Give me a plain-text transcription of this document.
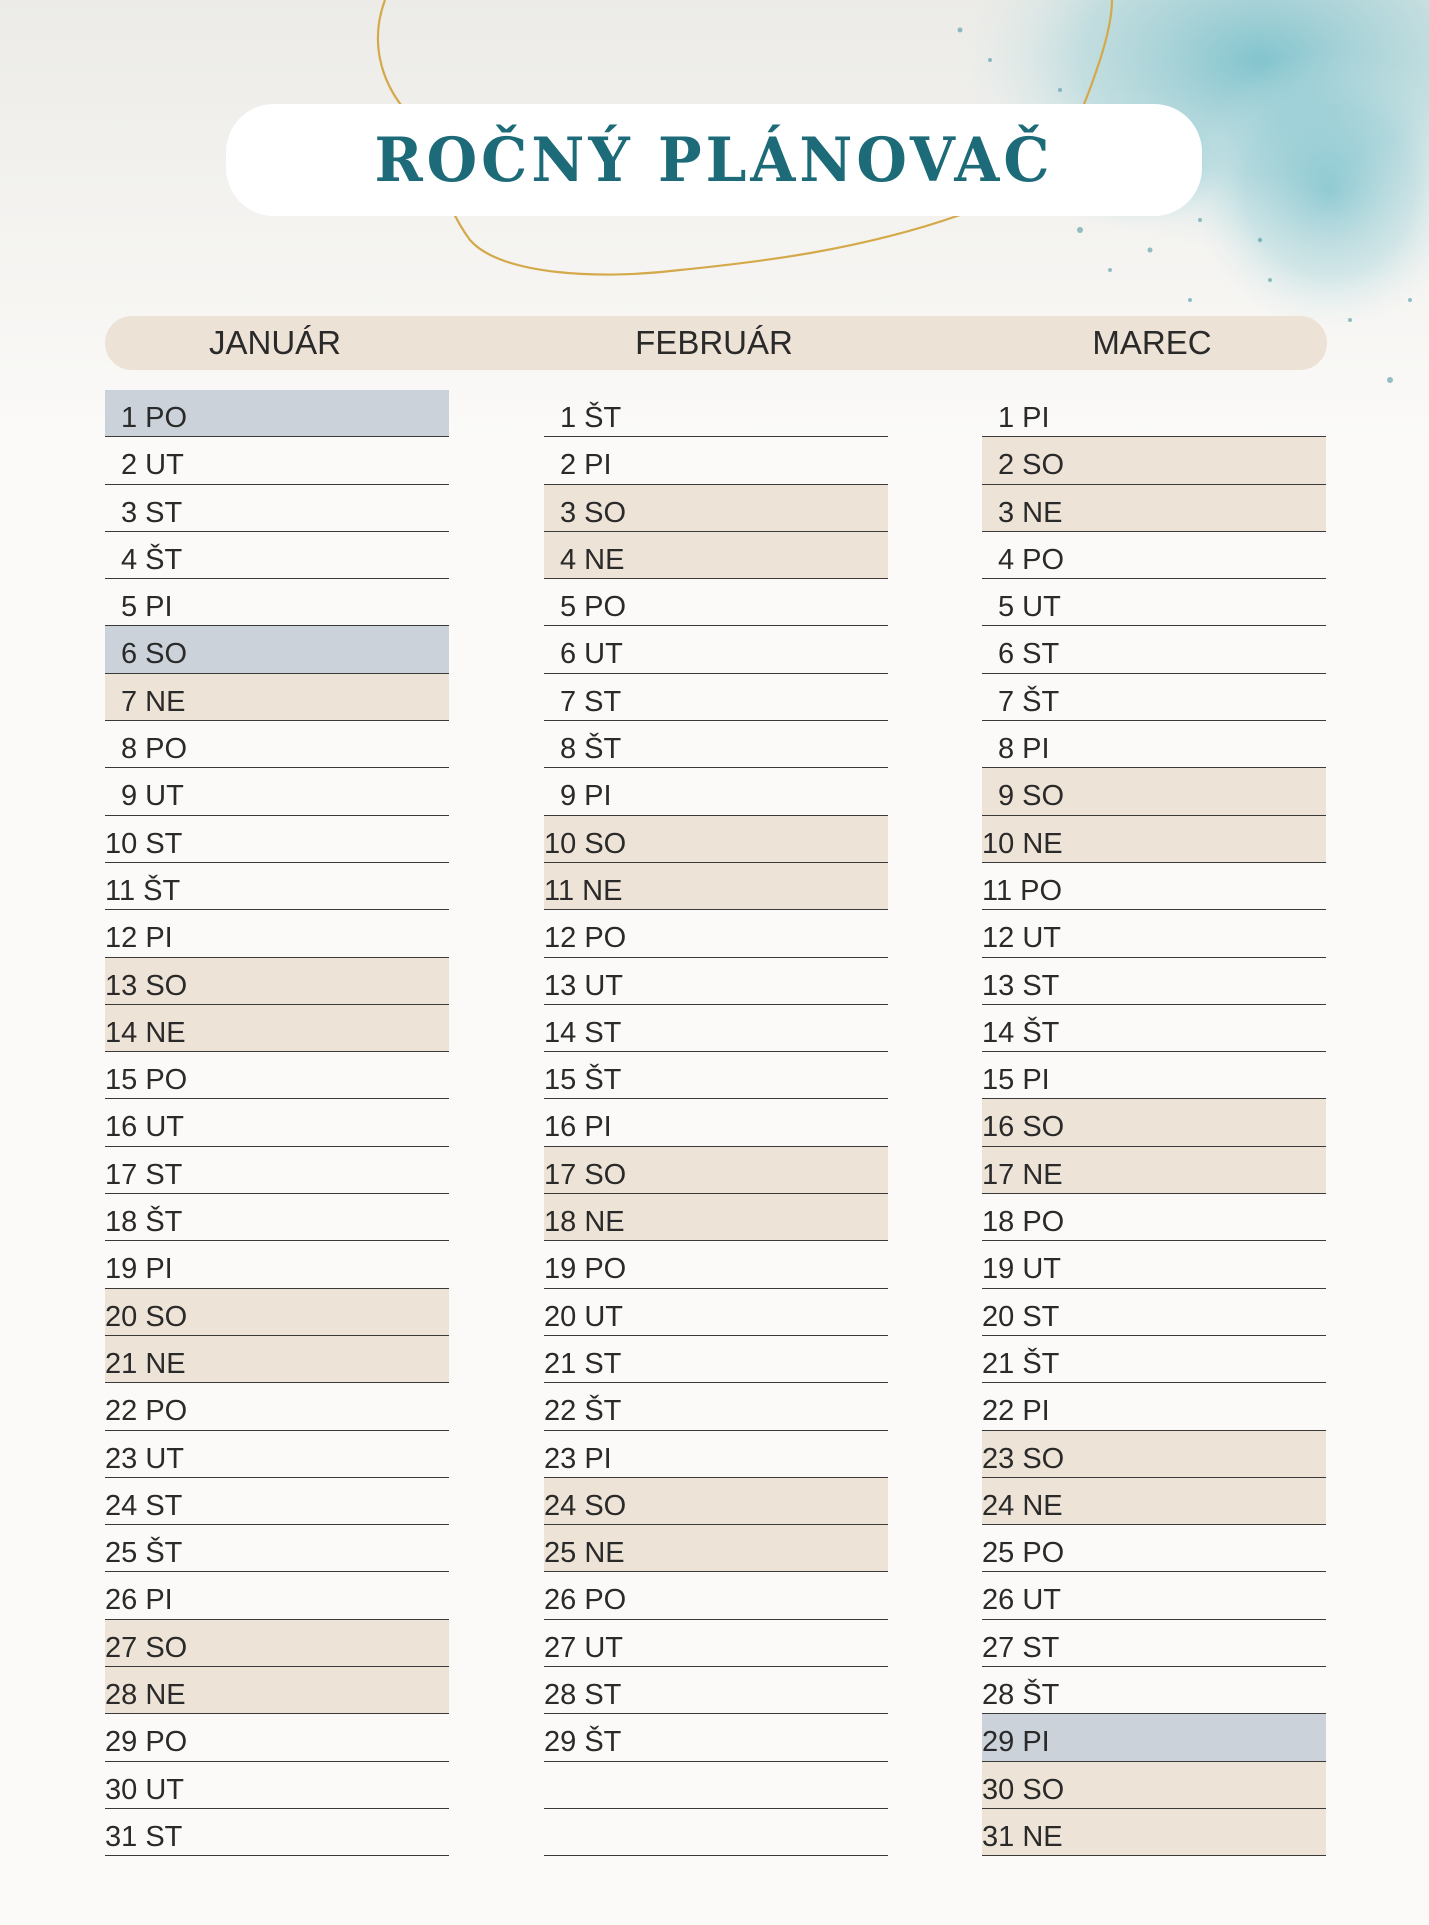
ROČNÝ PLÁNOVAČ
JANUÁR	FEBRUÁR	MAREC
1 PO
2 UT
3 ST
4 ŠT
5 PI
6 SO
7 NE
8 PO
9 UT
10 ST
11 ŠT
12 PI
13 SO
14 NE
15 PO
16 UT
17 ST
18 ŠT
19 PI
20 SO
21 NE
22 PO
23 UT
24 ST
25 ŠT
26 PI
27 SO
28 NE
29 PO
30 UT
31 ST
1 ŠT
2 PI
3 SO
4 NE
5 PO
6 UT
7 ST
8 ŠT
9 PI
10 SO
11 NE
12 PO
13 UT
14 ST
15 ŠT
16 PI
17 SO
18 NE
19 PO
20 UT
21 ST
22 ŠT
23 PI
24 SO
25 NE
26 PO
27 UT
28 ST
29 ŠT
1 PI
2 SO
3 NE
4 PO
5 UT
6 ST
7 ŠT
8 PI
9 SO
10 NE
11 PO
12 UT
13 ST
14 ŠT
15 PI
16 SO
17 NE
18 PO
19 UT
20 ST
21 ŠT
22 PI
23 SO
24 NE
25 PO
26 UT
27 ST
28 ŠT
29 PI
30 SO
31 NE
